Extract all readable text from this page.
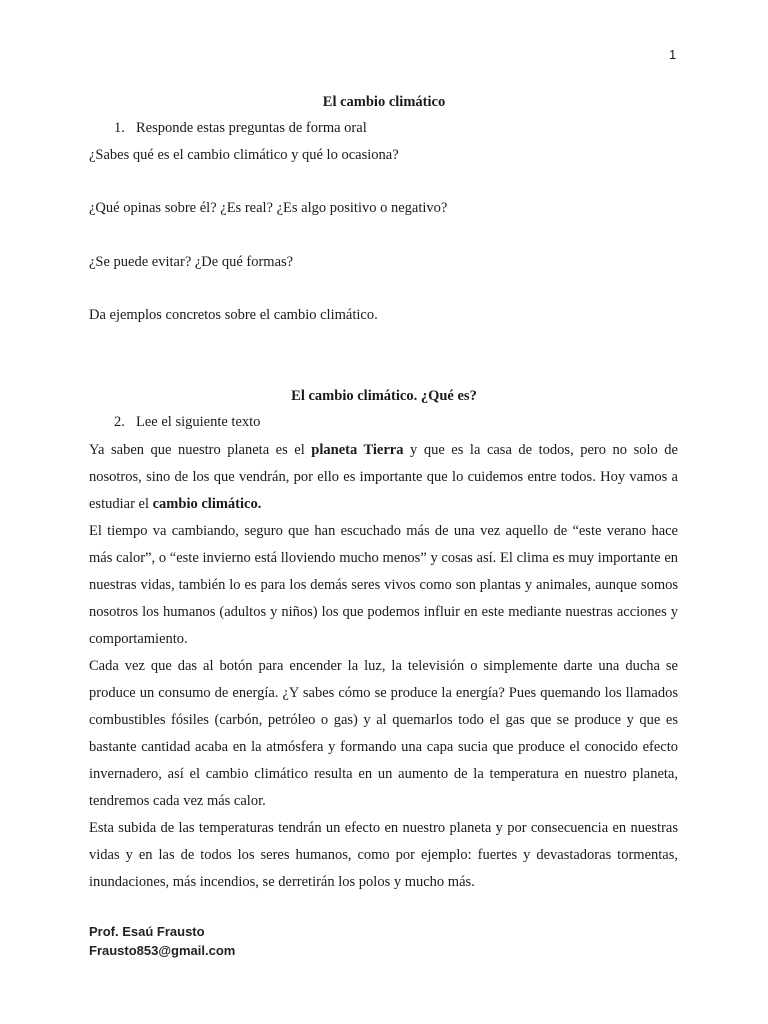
1
El cambio climático

1. Responde estas preguntas de forma oral

¿Sabes qué es el cambio climático y qué lo ocasiona?

¿Qué opinas sobre él? ¿Es real? ¿Es algo positivo o negativo?

¿Se puede evitar? ¿De qué formas?

Da ejemplos concretos sobre el cambio climático.

El cambio climático. ¿Qué es?

2. Lee el siguiente texto

Ya saben que nuestro planeta es el planeta Tierra y que es la casa de todos, pero no solo de nosotros, sino de los que vendrán, por ello es importante que lo cuidemos entre todos. Hoy vamos a estudiar el cambio climático.

El tiempo va cambiando, seguro que han escuchado más de una vez aquello de “este verano hace más calor”, o “este invierno está lloviendo mucho menos” y cosas así. El clima es muy importante en nuestras vidas, también lo es para los demás seres vivos como son plantas y animales, aunque somos nosotros los humanos (adultos y niños) los que podemos influir en este mediante nuestras acciones y comportamiento.

Cada vez que das al botón para encender la luz, la televisión o simplemente darte una ducha se produce un consumo de energía. ¿Y sabes cómo se produce la energía? Pues quemando los llamados combustibles fósiles (carbón, petróleo o gas) y al quemarlos todo el gas que se produce y que es bastante cantidad acaba en la atmósfera y formando una capa sucia que produce el conocido efecto invernadero, así el cambio climático resulta en un aumento de la temperatura en nuestro planeta, tendremos cada vez más calor.

Esta subida de las temperaturas tendrán un efecto en nuestro planeta y por consecuencia en nuestras vidas y en las de todos los seres humanos, como por ejemplo: fuertes y devastadoras tormentas, inundaciones, más incendios, se derretirán los polos y mucho más.

Prof. Esaú Frausto
Frausto853@gmail.com
